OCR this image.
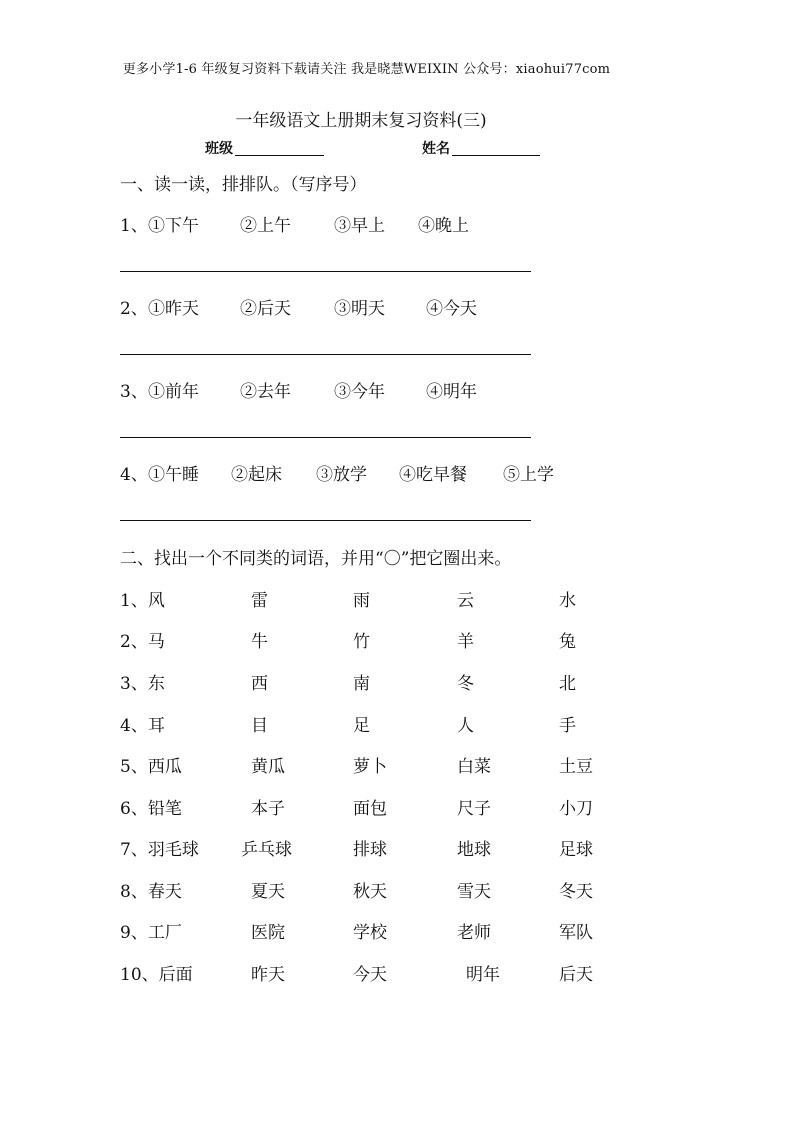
更多小学1-6 年级复习资料下载请关注 我是晓慧WEIXIN 公众号：xiaohui77com
一年级语文上册期末复习资料(三)
班级	姓名
一、读一读，排排队。（写序号）
1、 ①下午 ②上午	③早上 ④晚上
2、 ①昨天 ②后天	③明天 ④今天
3、 ①前年 ②去年	③今年 ④明年
4、 ①午睡 ②起床 ③放学 ④吃早餐 ⑤上学
二、找出一个不同类的词语，并用“〇”把它圈出来。
1、风	雷	雨	云	水
2、马	牛	竹	羊	兔
3、东	西	南	冬	北
4、耳	目	足	人	手
5、西瓜	黄瓜	萝卜	白菜	土豆
6、铅笔	本子	面包	尺子	小刀
7、羽毛球 乒乓球	排球	地球	足球
8、春天	夏天	秋天	雪天	冬天
9、工厂	医院	学校	老师	军队
10、后面	昨天	今天	明年	后天
